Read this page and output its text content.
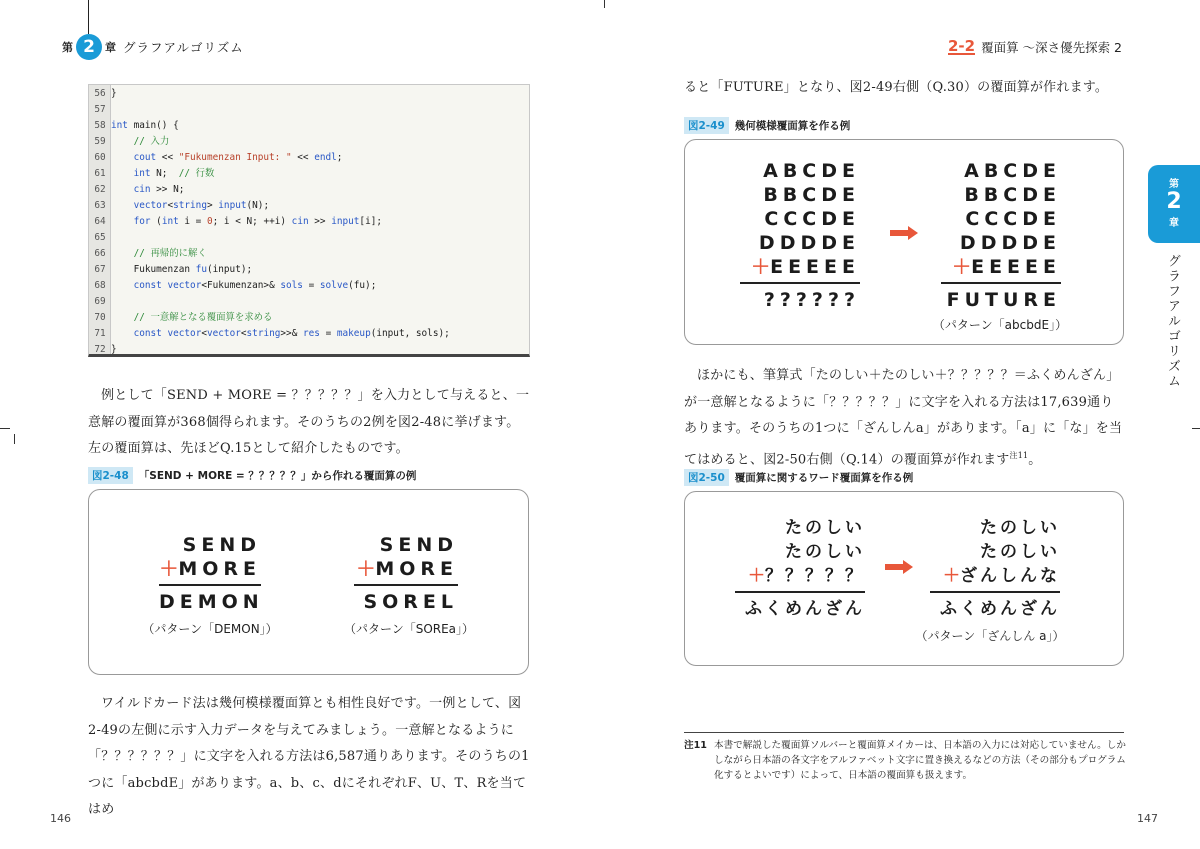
第 2 章 グラフアルゴリズム	2-2 覆面算 〜深さ優先探索 2
56 }
57
58 int main() {
59	// 入力
60	cout << "Fukumenzan Input: " << endl;
61	int N;  // 行数
62	cin >> N;
63	vector<string> input(N);
64	for (int i = 0; i < N; ++i) cin >> input[i];
65
66	// 再帰的に解く
67    Fukumenzan fu(input);
68	const vector<Fukumenzan>& sols = solve(fu);
69
70	// 一意解となる覆面算を求める
71	const vector<vector<string>>& res = makeup(input, sols);
72 }
例として「SEND + MORE = ？？？？？」を入力として与えると、一意解の覆面算が368個得られます。そのうちの2例を図2-48に挙げます。左の覆面算は、先ほどQ.15として紹介したものです。
図2-48 「SEND + MORE = ？？？？？」から作れる覆面算の例
SEND
＋MORE
DEMON
（パターン「DEMON」）
SEND
＋MORE
SOREL
（パターン「SOREa」）
ワイルドカード法は幾何模様覆面算とも相性良好です。一例として、図2-49の左側に示す入力データを与えてみましょう。一意解となるように「？？？？？？」に文字を入れる方法は6,587通りあります。そのうちの1つに「abcbdE」があります。a、b、c、dにそれぞれF、U、T、Rを当てはめ
ると「FUTURE」となり、図2-49右側（Q.30）の覆面算が作れます。
図2-49 幾何模様覆面算を作る例
ABCDE
BBCDE
CCCDE
DDDDE
＋EEEEE
??????
ABCDE
BBCDE
CCCDE
DDDDE
＋EEEEE
FUTURE
（パターン「abcbdE」）
ほかにも、筆算式「たのしい＋たのしい＋？？？？？＝ふくめんざん」が一意解となるように「？？？？？」に文字を入れる方法は17,639通りあります。そのうちの1つに「ざんしんa」があります。「a」に「な」を当てはめると、図2-50右側（Q.14）の覆面算が作れます$^{注11}$。
図2-50 覆面算に関するワード覆面算を作る例
たのしい
たのしい
＋？？？？？
ふくめんざん
たのしい
たのしい
＋ざんしんな
ふくめんざん
（パターン「ざんしん a」）
第
2
章
グラフアルゴリズム
注11 本書で解説した覆面算ソルバーと覆面算メイカーは、日本語の入力には対応していません。しかしながら日本語の各文字をアルファベット文字に置き換えるなどの方法（その部分もプログラム化するとよいです）によって、日本語の覆面算も扱えます。
146	147
